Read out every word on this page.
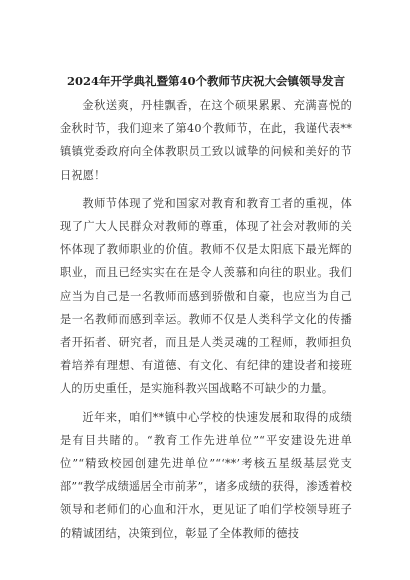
2024年开学典礼暨第40个教师节庆祝大会镇领导发言

金秋送爽，丹桂飘香，在这个硕果累累、充满喜悦的金秋时节，我们迎来了第40个教师节，在此，我谨代表**镇镇党委政府向全体教职员工致以诚挚的问候和美好的节日祝愿！

教师节体现了党和国家对教育和教育工者的重视，体现了广大人民群众对教师的尊重，体现了社会对教师的关怀体现了教师职业的价值。教师不仅是太阳底下最光辉的职业，而且已经实实在在是令人羡慕和向往的职业。我们应当为自己是一名教师而感到骄傲和自豪，也应当为自己是一名教师而感到幸运。教师不仅是人类科学文化的传播者开拓者、研究者，而且是人类灵魂的工程师，教师担负着培养有理想、有道德、有文化、有纪律的建设者和接班人的历史重任，是实施科教兴国战略不可缺少的力量。

近年来，咱们**镇中心学校的快速发展和取得的成绩是有目共睹的。“教育工作先进单位”“平安建设先进单位”“精致校园创建先进单位”“‘**’考核五星级基层党支部”“教学成绩遥居全市前茅”，诸多成绩的获得，渗透着校领导和老师们的心血和汗水，更见证了咱们学校领导班子的精诚团结，决策到位，彰显了全体教师的德技
